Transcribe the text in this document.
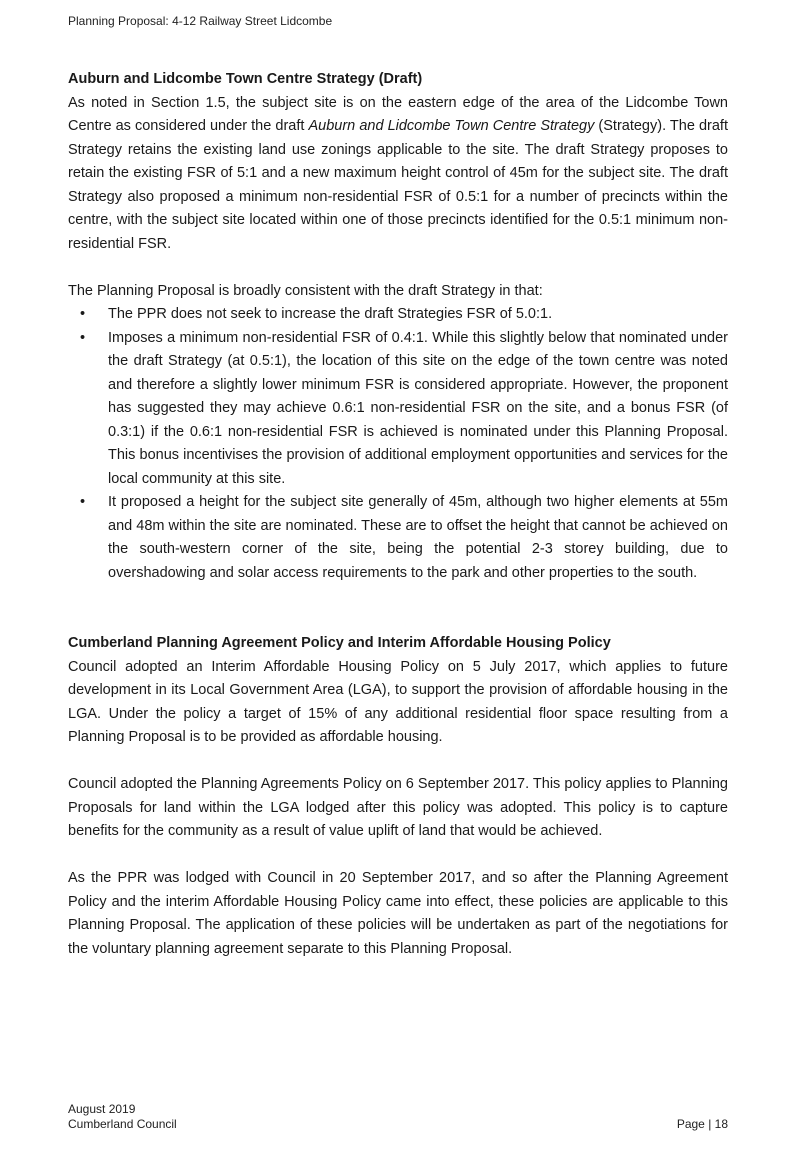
Planning Proposal: 4-12 Railway Street Lidcombe
Auburn and Lidcombe Town Centre Strategy (Draft)

As noted in Section 1.5, the subject site is on the eastern edge of the area of the Lidcombe Town Centre as considered under the draft Auburn and Lidcombe Town Centre Strategy (Strategy). The draft Strategy retains the existing land use zonings applicable to the site. The draft Strategy proposes to retain the existing FSR of 5:1 and a new maximum height control of 45m for the subject site. The draft Strategy also proposed a minimum non-residential FSR of 0.5:1 for a number of precincts within the centre, with the subject site located within one of those precincts identified for the 0.5:1 minimum non-residential FSR.

The Planning Proposal is broadly consistent with the draft Strategy in that:

• The PPR does not seek to increase the draft Strategies FSR of 5.0:1.
• Imposes a minimum non-residential FSR of 0.4:1. While this slightly below that nominated under the draft Strategy (at 0.5:1), the location of this site on the edge of the town centre was noted and therefore a slightly lower minimum FSR is considered appropriate. However, the proponent has suggested they may achieve 0.6:1 non-residential FSR on the site, and a bonus FSR (of 0.3:1) if the 0.6:1 non-residential FSR is achieved is nominated under this Planning Proposal. This bonus incentivises the provision of additional employment opportunities and services for the local community at this site.
• It proposed a height for the subject site generally of 45m, although two higher elements at 55m and 48m within the site are nominated. These are to offset the height that cannot be achieved on the south-western corner of the site, being the potential 2-3 storey building, due to overshadowing and solar access requirements to the park and other properties to the south.
Cumberland Planning Agreement Policy and Interim Affordable Housing Policy

Council adopted an Interim Affordable Housing Policy on 5 July 2017, which applies to future development in its Local Government Area (LGA), to support the provision of affordable housing in the LGA. Under the policy a target of 15% of any additional residential floor space resulting from a Planning Proposal is to be provided as affordable housing.

Council adopted the Planning Agreements Policy on 6 September 2017. This policy applies to Planning Proposals for land within the LGA lodged after this policy was adopted. This policy is to capture benefits for the community as a result of value uplift of land that would be achieved.

As the PPR was lodged with Council in 20 September 2017, and so after the Planning Agreement Policy and the interim Affordable Housing Policy came into effect, these policies are applicable to this Planning Proposal. The application of these policies will be undertaken as part of the negotiations for the voluntary planning agreement separate to this Planning Proposal.

August 2019
Cumberland Council	Page | 18
